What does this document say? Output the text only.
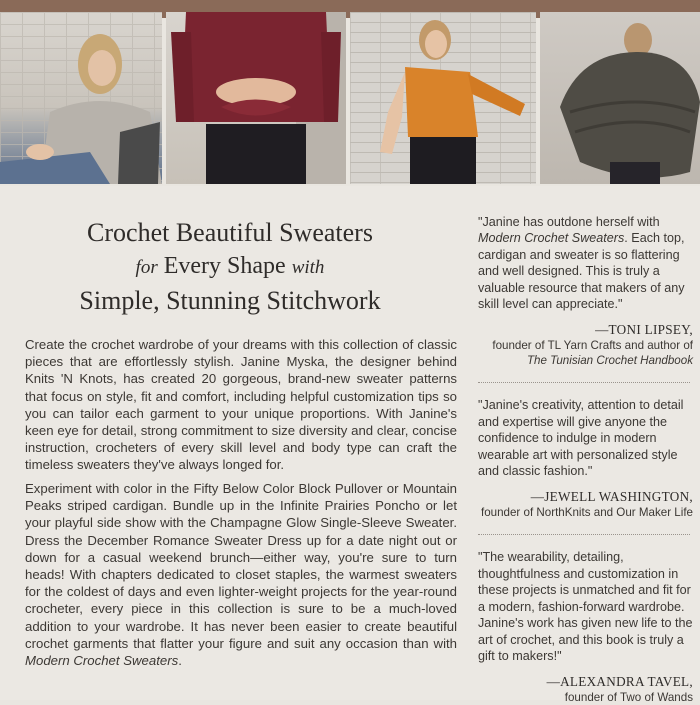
Crochet Beautiful Sweaters
for Every Shape with
Simple, Stunning Stitchwork

Create the crochet wardrobe of your dreams with this collection of classic pieces that are effortlessly stylish. Janine Myska, the designer behind Knits 'N Knots, has created 20 gorgeous, brand-new sweater patterns that focus on style, fit and comfort, including helpful customization tips so you can tailor each garment to your unique proportions. With Janine's keen eye for detail, strong commitment to size diversity and clear, concise instruction, crocheters of every skill level and body type can craft the timeless sweaters they've always longed for.

Experiment with color in the Fifty Below Color Block Pullover or Mountain Peaks striped cardigan. Bundle up in the Infinite Prairies Poncho or let your playful side show with the Champagne Glow Single-Sleeve Sweater. Dress the December Romance Sweater Dress up for a date night out or down for a casual weekend brunch—either way, you're sure to turn heads! With chapters dedicated to closet staples, the warmest sweaters for the coldest of days and even lighter-weight projects for the year-round crocheter, every piece in this collection is sure to be a much-loved addition to your wardrobe. It has never been easier to create beautiful crochet garments that flatter your figure and suit any occasion than with Modern Crochet Sweaters.

"Janine has outdone herself with Modern Crochet Sweaters. Each top, cardigan and sweater is so flattering and well designed. This is truly a valuable resource that makers of any skill level can appreciate."

—TONI LIPSEY,
founder of TL Yarn Crafts and author of
The Tunisian Crochet Handbook

"Janine's creativity, attention to detail and expertise will give anyone the confidence to indulge in modern wearable art with personalized style and classic fashion."

—JEWELL WASHINGTON,
founder of NorthKnits and Our Maker Life

"The wearability, detailing, thoughtfulness and customization in these projects is unmatched and fit for a modern, fashion-forward wardrobe. Janine's work has given new life to the art of crochet, and this book is truly a gift to makers!"

—ALEXANDRA TAVEL,
founder of Two of Wands
